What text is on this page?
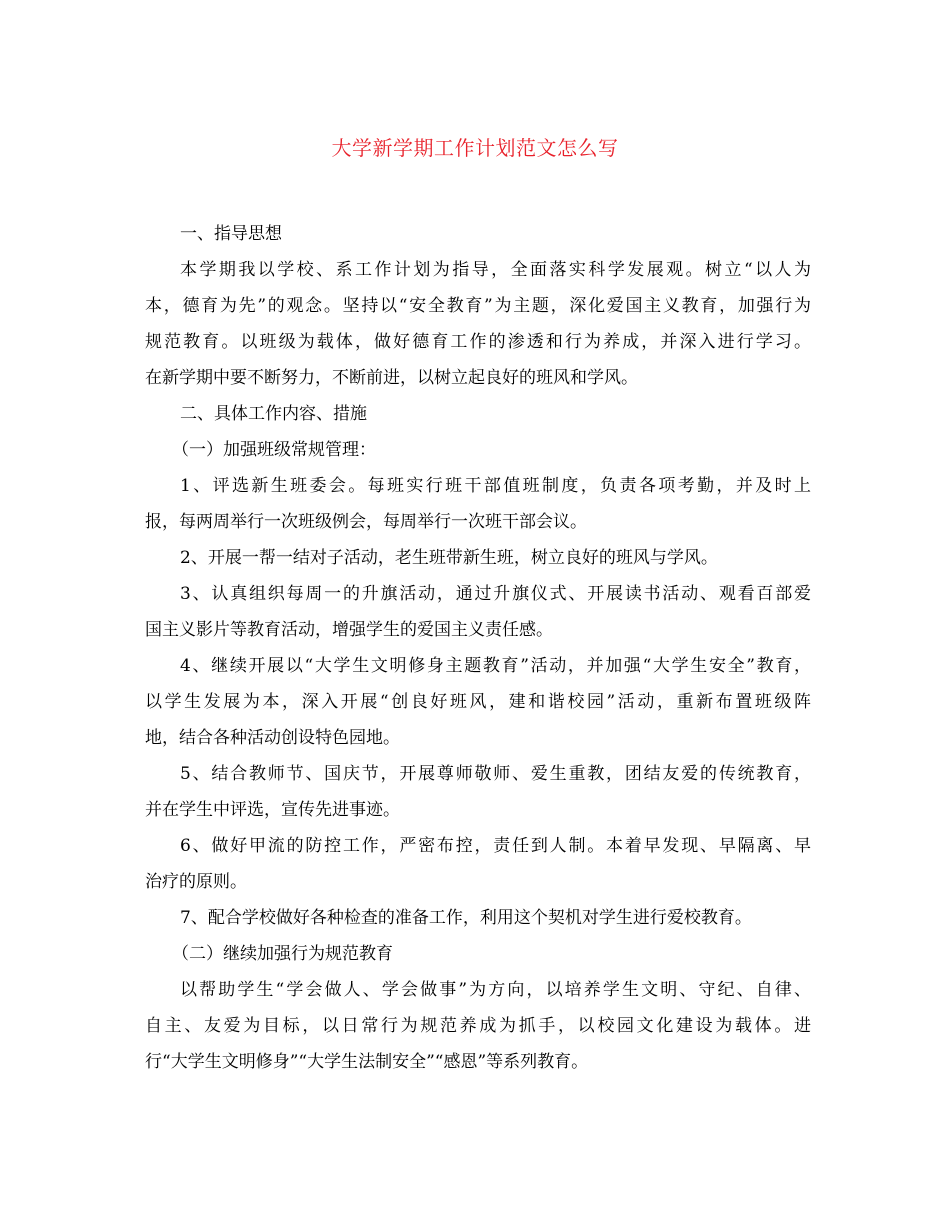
大学新学期工作计划范文怎么写
一、指导思想
本学期我以学校、系工作计划为指导，全面落实科学发展观。树立“以人为
本，德育为先”的观念。坚持以“安全教育”为主题，深化爱国主义教育，加强行为
规范教育。以班级为载体，做好德育工作的渗透和行为养成，并深入进行学习。
在新学期中要不断努力，不断前进，以树立起良好的班风和学风。
二、具体工作内容、措施
（一）加强班级常规管理：
1、评选新生班委会。每班实行班干部值班制度，负责各项考勤，并及时上
报，每两周举行一次班级例会，每周举行一次班干部会议。
2、开展一帮一结对子活动，老生班带新生班，树立良好的班风与学风。
3、认真组织每周一的升旗活动，通过升旗仪式、开展读书活动、观看百部爱
国主义影片等教育活动，增强学生的爱国主义责任感。
4、继续开展以“大学生文明修身主题教育”活动，并加强“大学生安全”教育，
以学生发展为本，深入开展“创良好班风，建和谐校园”活动，重新布置班级阵
地，结合各种活动创设特色园地。
5、结合教师节、国庆节，开展尊师敬师、爱生重教，团结友爱的传统教育，
并在学生中评选，宣传先进事迹。
6、做好甲流的防控工作，严密布控，责任到人制。本着早发现、早隔离、早
治疗的原则。
7、配合学校做好各种检查的准备工作，利用这个契机对学生进行爱校教育。
（二）继续加强行为规范教育
以帮助学生“学会做人、学会做事”为方向，以培养学生文明、守纪、自律、
自主、友爱为目标，以日常行为规范养成为抓手，以校园文化建设为载体。进
行“大学生文明修身”“大学生法制安全”“感恩”等系列教育。
